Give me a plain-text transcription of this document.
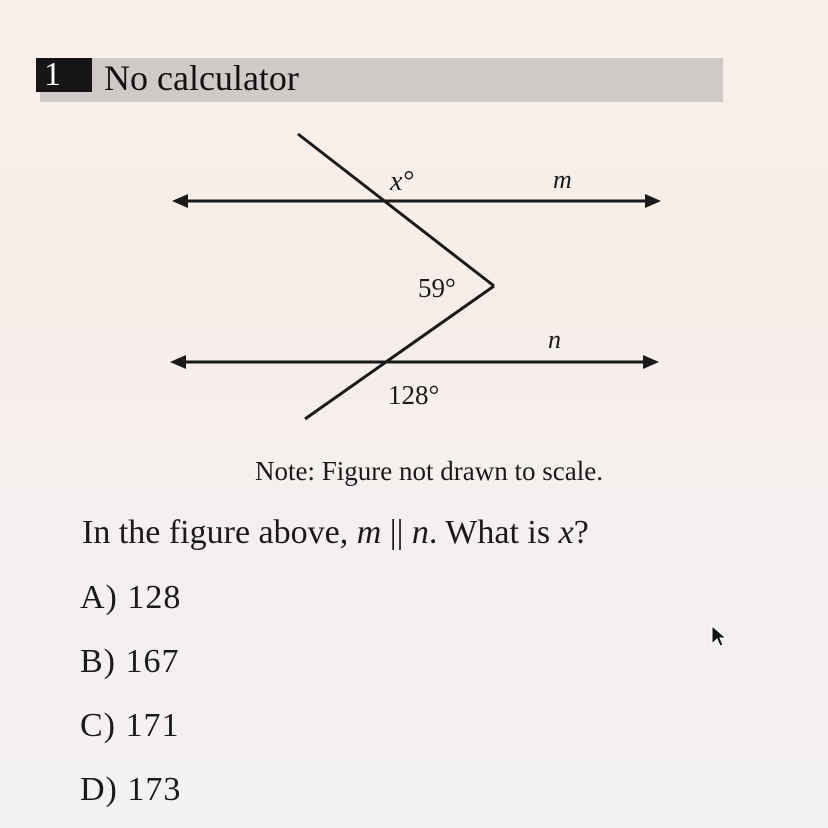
1	No calculator
x°	m
59°
n
128°
Note: Figure not drawn to scale.
In the figure above, m || n. What is x?
A) 128
B) 167
C) 171
D) 173
